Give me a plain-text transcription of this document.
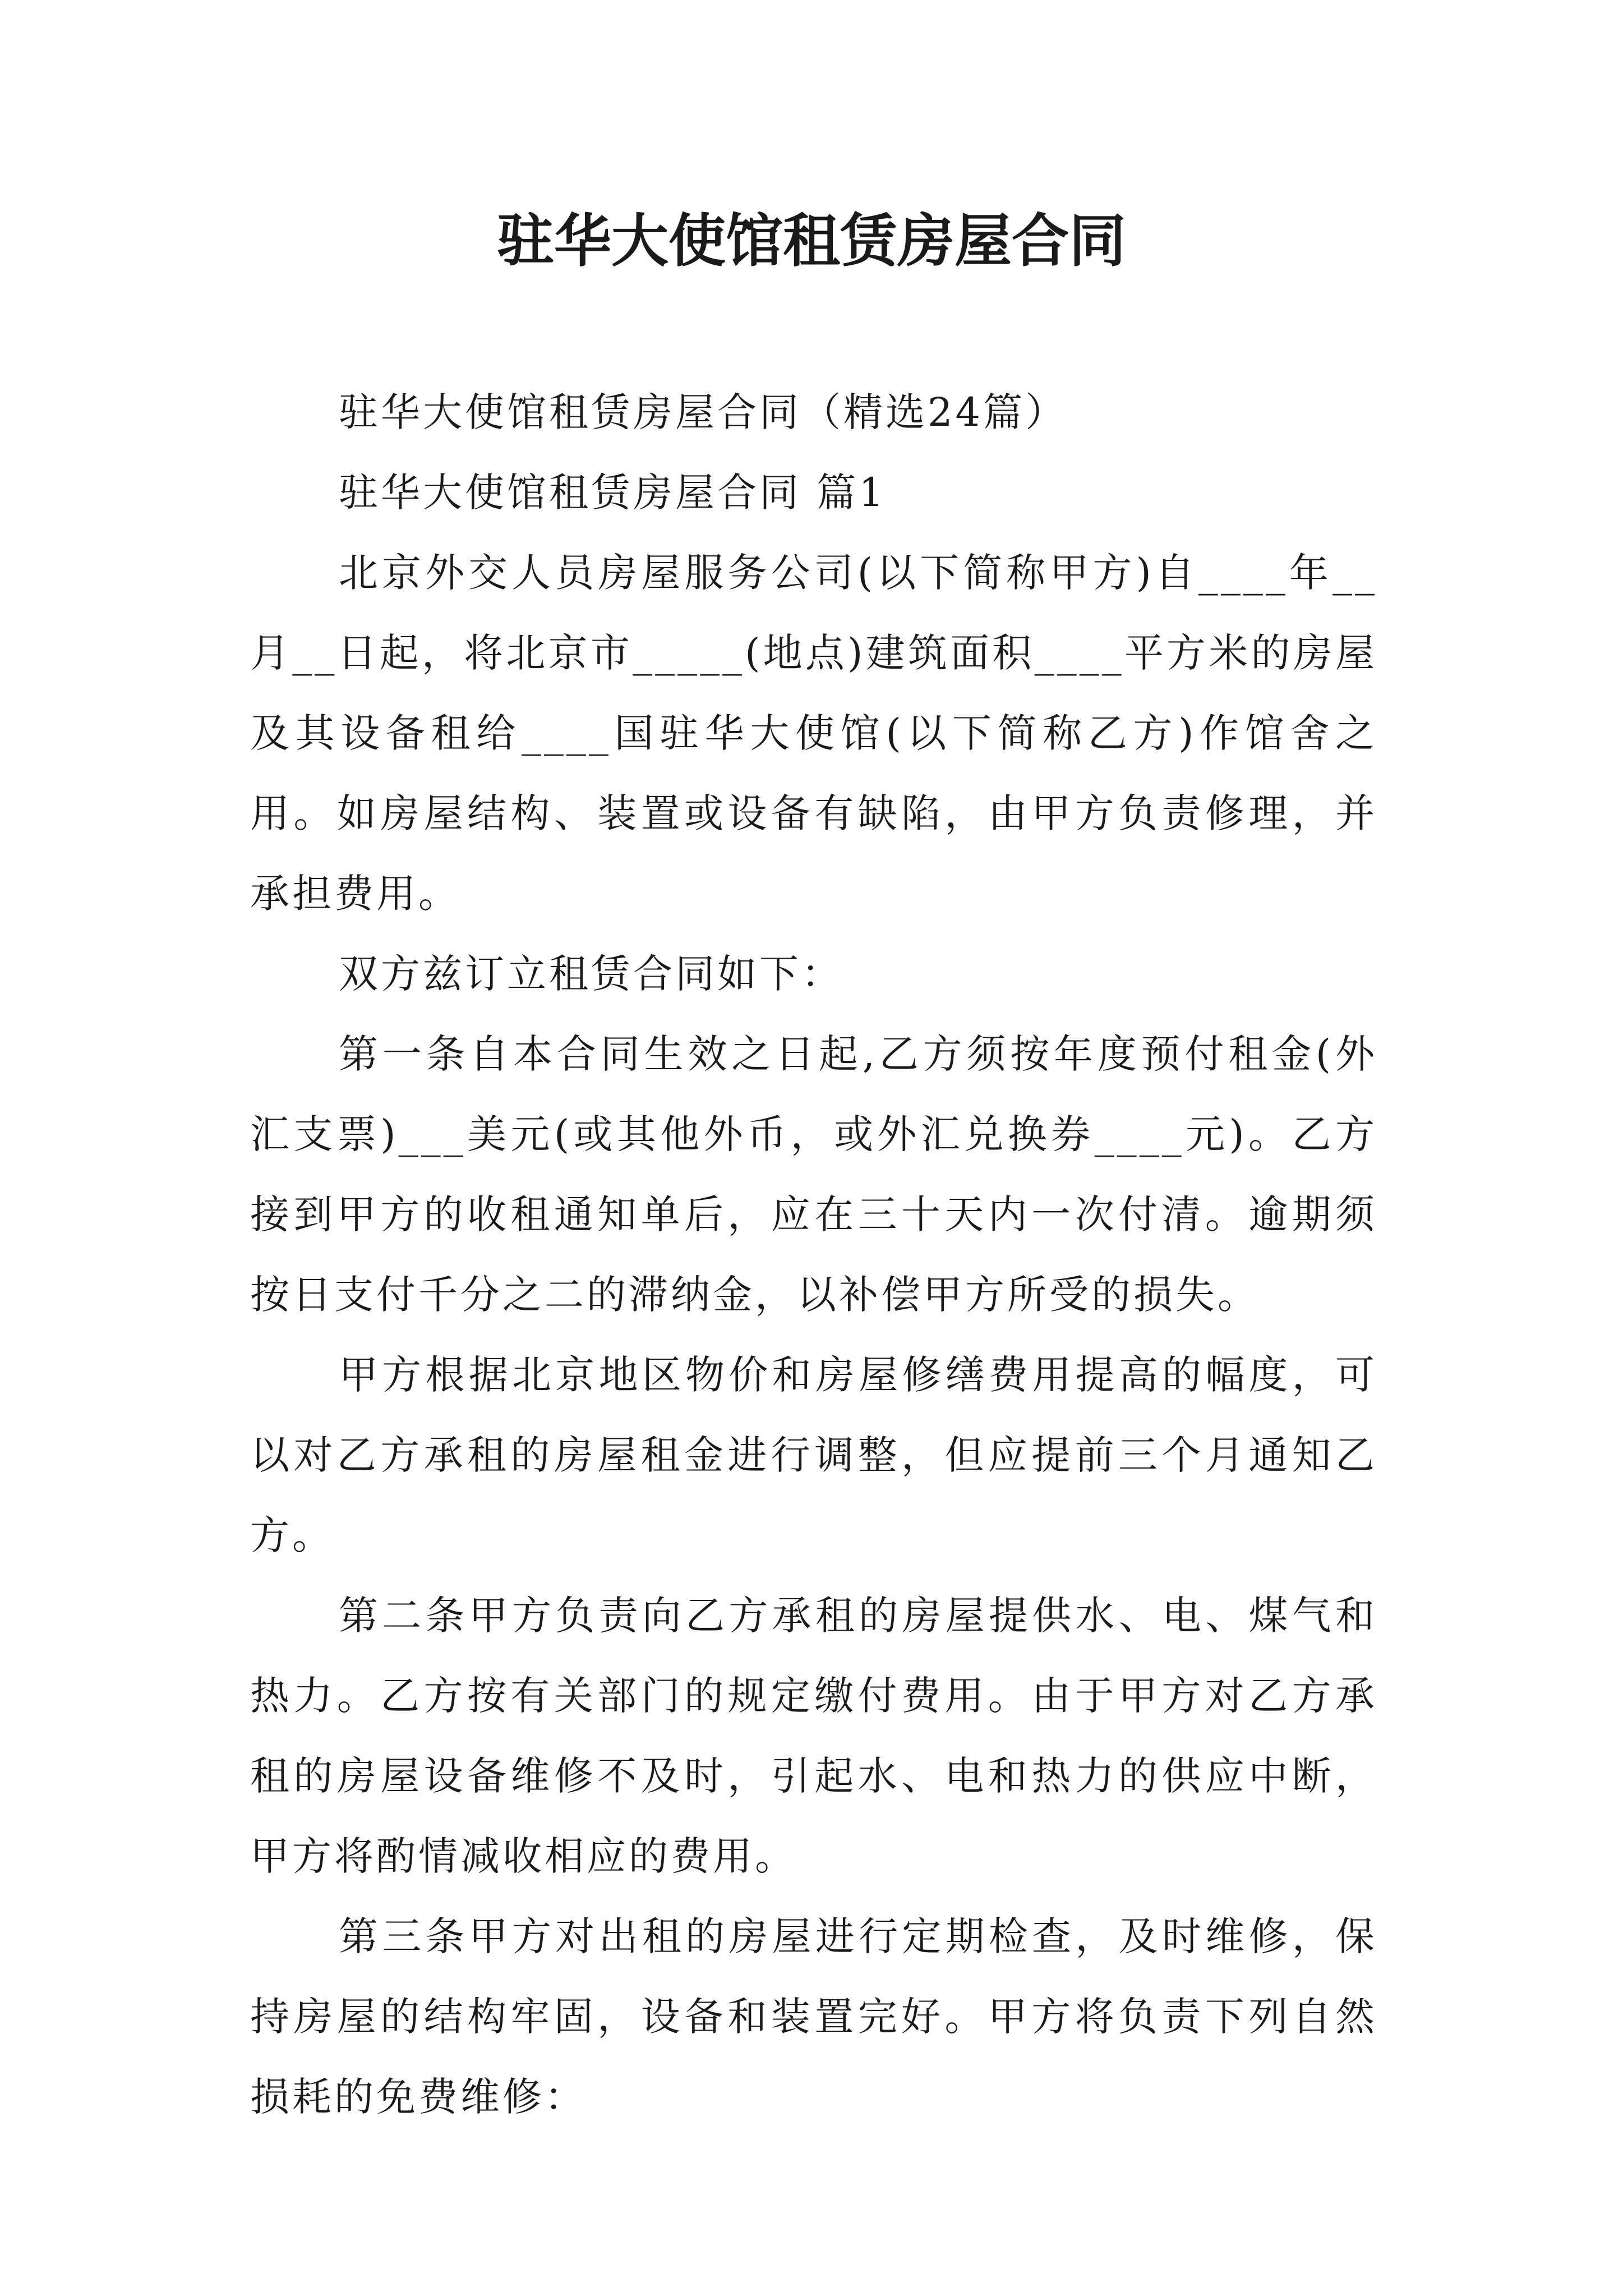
驻华大使馆租赁房屋合同

驻华大使馆租赁房屋合同（精选24篇）

驻华大使馆租赁房屋合同 篇1

北京外交人员房屋服务公司(以下简称甲方)自____年__月__日起，将北京市_____(地点)建筑面积____平方米的房屋及其设备租给____国驻华大使馆(以下简称乙方)作馆舍之用。如房屋结构、装置或设备有缺陷，由甲方负责修理，并承担费用。

双方兹订立租赁合同如下：

第一条自本合同生效之日起,乙方须按年度预付租金(外汇支票)___美元(或其他外币，或外汇兑换券____元)。乙方接到甲方的收租通知单后，应在三十天内一次付清。逾期须按日支付千分之二的滞纳金，以补偿甲方所受的损失。

甲方根据北京地区物价和房屋修缮费用提高的幅度，可以对乙方承租的房屋租金进行调整，但应提前三个月通知乙方。

第二条甲方负责向乙方承租的房屋提供水、电、煤气和热力。乙方按有关部门的规定缴付费用。由于甲方对乙方承租的房屋设备维修不及时，引起水、电和热力的供应中断，甲方将酌情减收相应的费用。

第三条甲方对出租的房屋进行定期检查，及时维修，保持房屋的结构牢固，设备和装置完好。甲方将负责下列自然损耗的免费维修：
